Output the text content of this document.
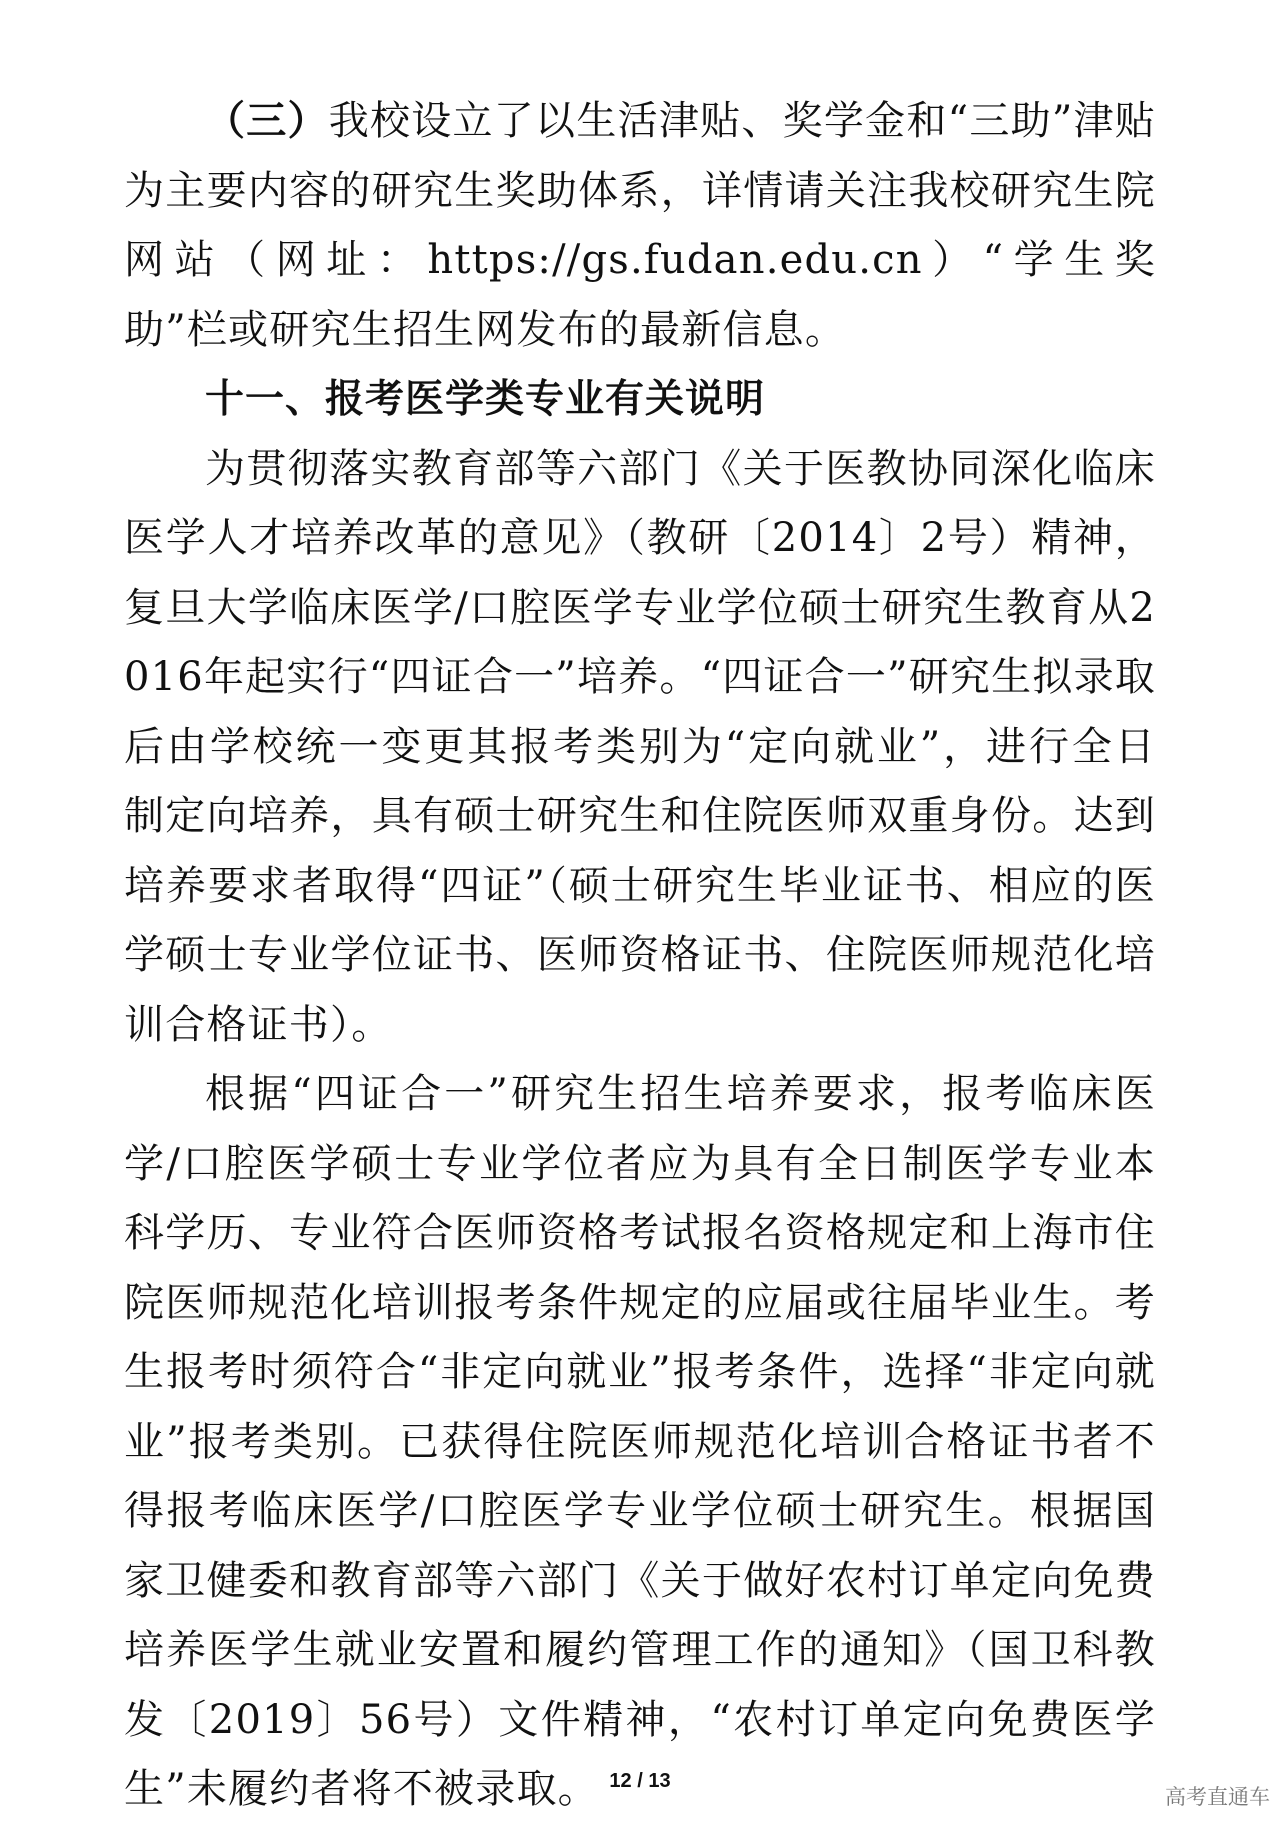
（三）我校设立了以生活津贴、奖学金和“三助”津贴为主要内容的研究生奖助体系，详情请关注我校研究生院网站（网址：https://gs.fudan.edu.cn）“学生奖助”栏或研究生招生网发布的最新信息。

十一、报考医学类专业有关说明

为贯彻落实教育部等六部门《关于医教协同深化临床医学人才培养改革的意见》（教研〔2014〕2号）精神，复旦大学临床医学/口腔医学专业学位硕士研究生教育从2016年起实行“四证合一”培养。“四证合一”研究生拟录取后由学校统一变更其报考类别为“定向就业”，进行全日制定向培养，具有硕士研究生和住院医师双重身份。达到培养要求者取得“四证”（硕士研究生毕业证书、相应的医学硕士专业学位证书、医师资格证书、住院医师规范化培训合格证书）。

根据“四证合一”研究生招生培养要求，报考临床医学/口腔医学硕士专业学位者应为具有全日制医学专业本科学历、专业符合医师资格考试报名资格规定和上海市住院医师规范化培训报考条件规定的应届或往届毕业生。考生报考时须符合“非定向就业”报考条件，选择“非定向就业”报考类别。已获得住院医师规范化培训合格证书者不得报考临床医学/口腔医学专业学位硕士研究生。根据国家卫健委和教育部等六部门《关于做好农村订单定向免费培养医学生就业安置和履约管理工作的通知》（国卫科教发〔2019〕56号）文件精神，“农村订单定向免费医学生”未履约者将不被录取。 12 / 13
高考直通车
